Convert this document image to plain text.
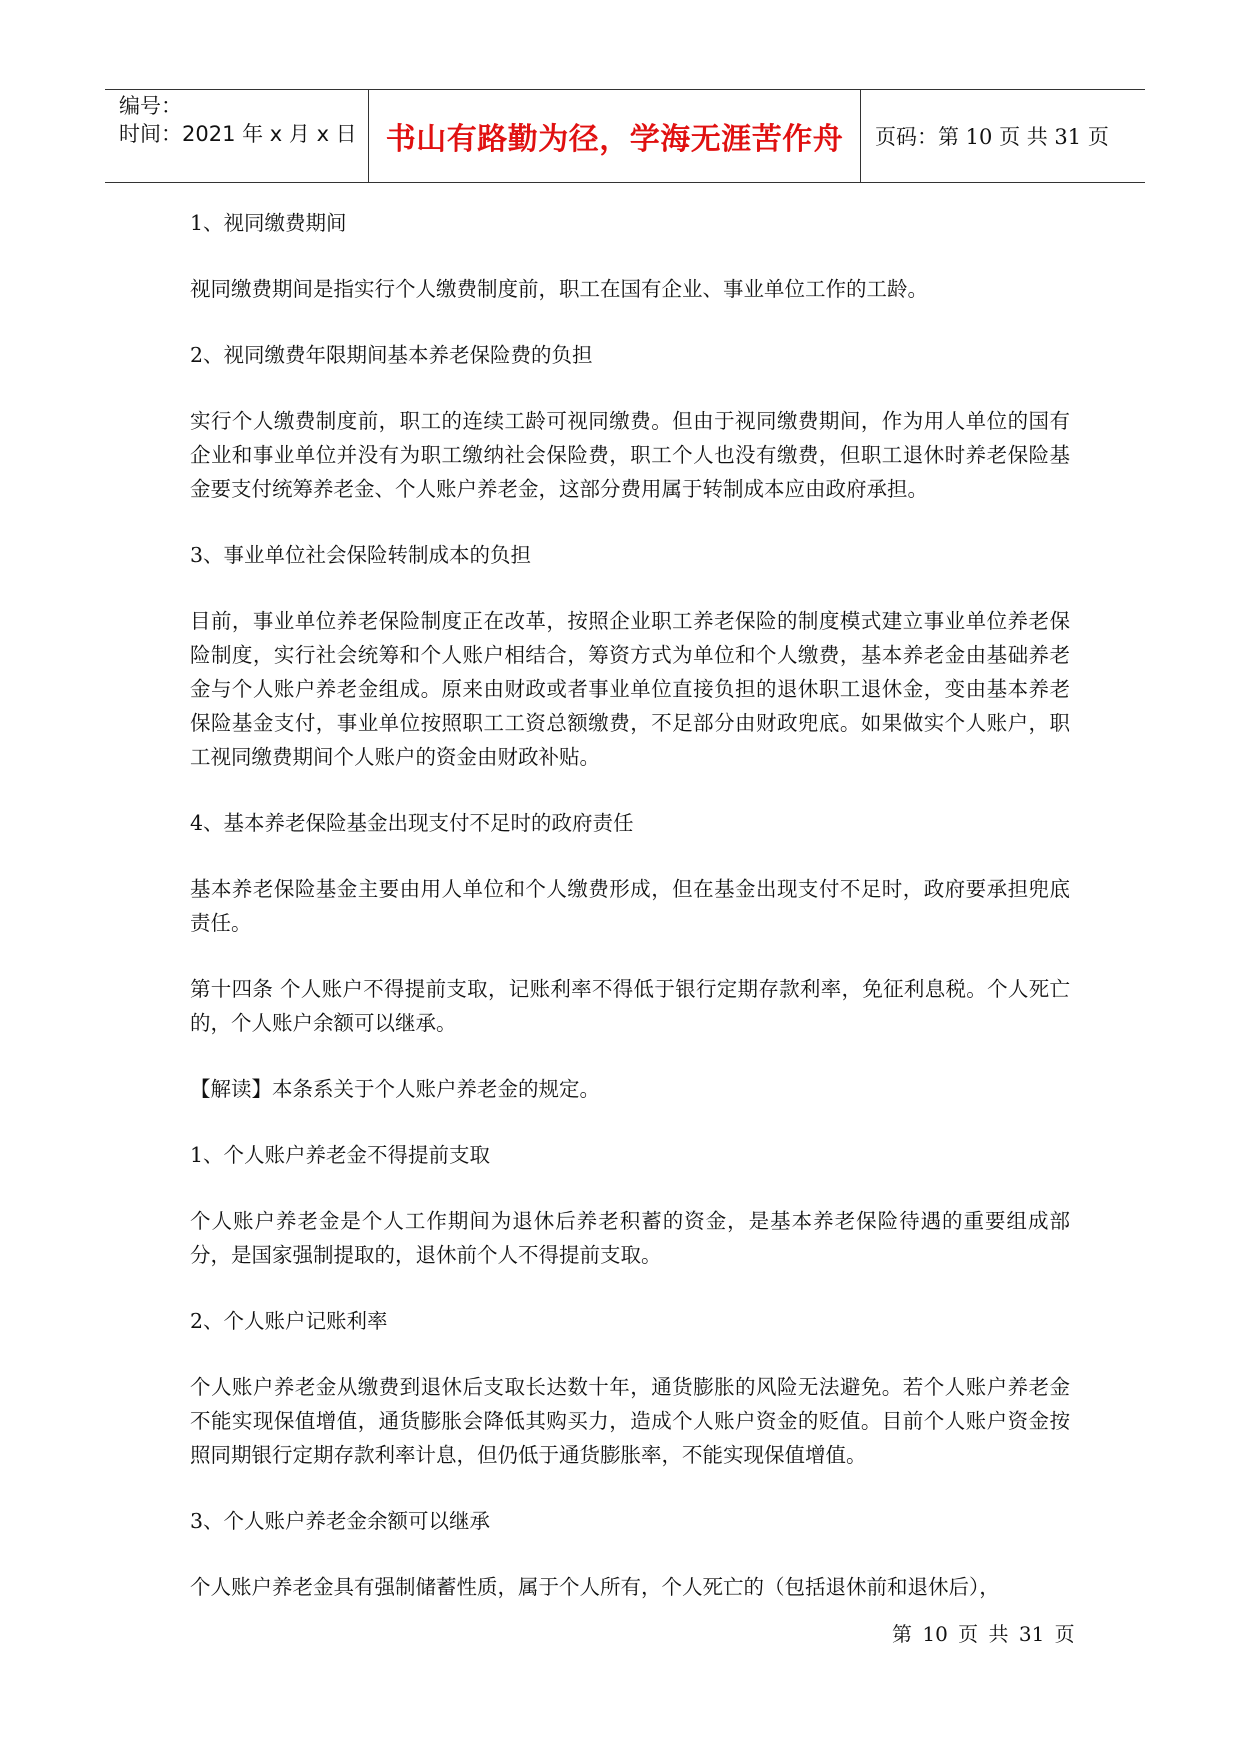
编号：
时间：2021 年 x 月 x 日 书山有路勤为径，学海无涯苦作舟	页码：第 10 页 共 31 页

1、视同缴费期间

视同缴费期间是指实行个人缴费制度前，职工在国有企业、事业单位工作的工龄。

2、视同缴费年限期间基本养老保险费的负担

实行个人缴费制度前，职工的连续工龄可视同缴费。但由于视同缴费期间，作为用人单位的国有企业和事业单位并没有为职工缴纳社会保险费，职工个人也没有缴费，但职工退休时养老保险基金要支付统筹养老金、个人账户养老金，这部分费用属于转制成本应由政府承担。

3、事业单位社会保险转制成本的负担

目前，事业单位养老保险制度正在改革，按照企业职工养老保险的制度模式建立事业单位养老保险制度，实行社会统筹和个人账户相结合，筹资方式为单位和个人缴费，基本养老金由基础养老金与个人账户养老金组成。原来由财政或者事业单位直接负担的退休职工退休金，变由基本养老保险基金支付，事业单位按照职工工资总额缴费，不足部分由财政兜底。如果做实个人账户，职工视同缴费期间个人账户的资金由财政补贴。

4、基本养老保险基金出现支付不足时的政府责任

基本养老保险基金主要由用人单位和个人缴费形成，但在基金出现支付不足时，政府要承担兜底责任。

第十四条 个人账户不得提前支取，记账利率不得低于银行定期存款利率，免征利息税。个人死亡的，个人账户余额可以继承。

【解读】本条系关于个人账户养老金的规定。

1、个人账户养老金不得提前支取

个人账户养老金是个人工作期间为退休后养老积蓄的资金，是基本养老保险待遇的重要组成部分，是国家强制提取的，退休前个人不得提前支取。

2、个人账户记账利率

个人账户养老金从缴费到退休后支取长达数十年，通货膨胀的风险无法避免。若个人账户养老金不能实现保值增值，通货膨胀会降低其购买力，造成个人账户资金的贬值。目前个人账户资金按照同期银行定期存款利率计息，但仍低于通货膨胀率，不能实现保值增值。

3、个人账户养老金余额可以继承

个人账户养老金具有强制储蓄性质，属于个人所有，个人死亡的（包括退休前和退休后），

第 10 页 共 31 页
